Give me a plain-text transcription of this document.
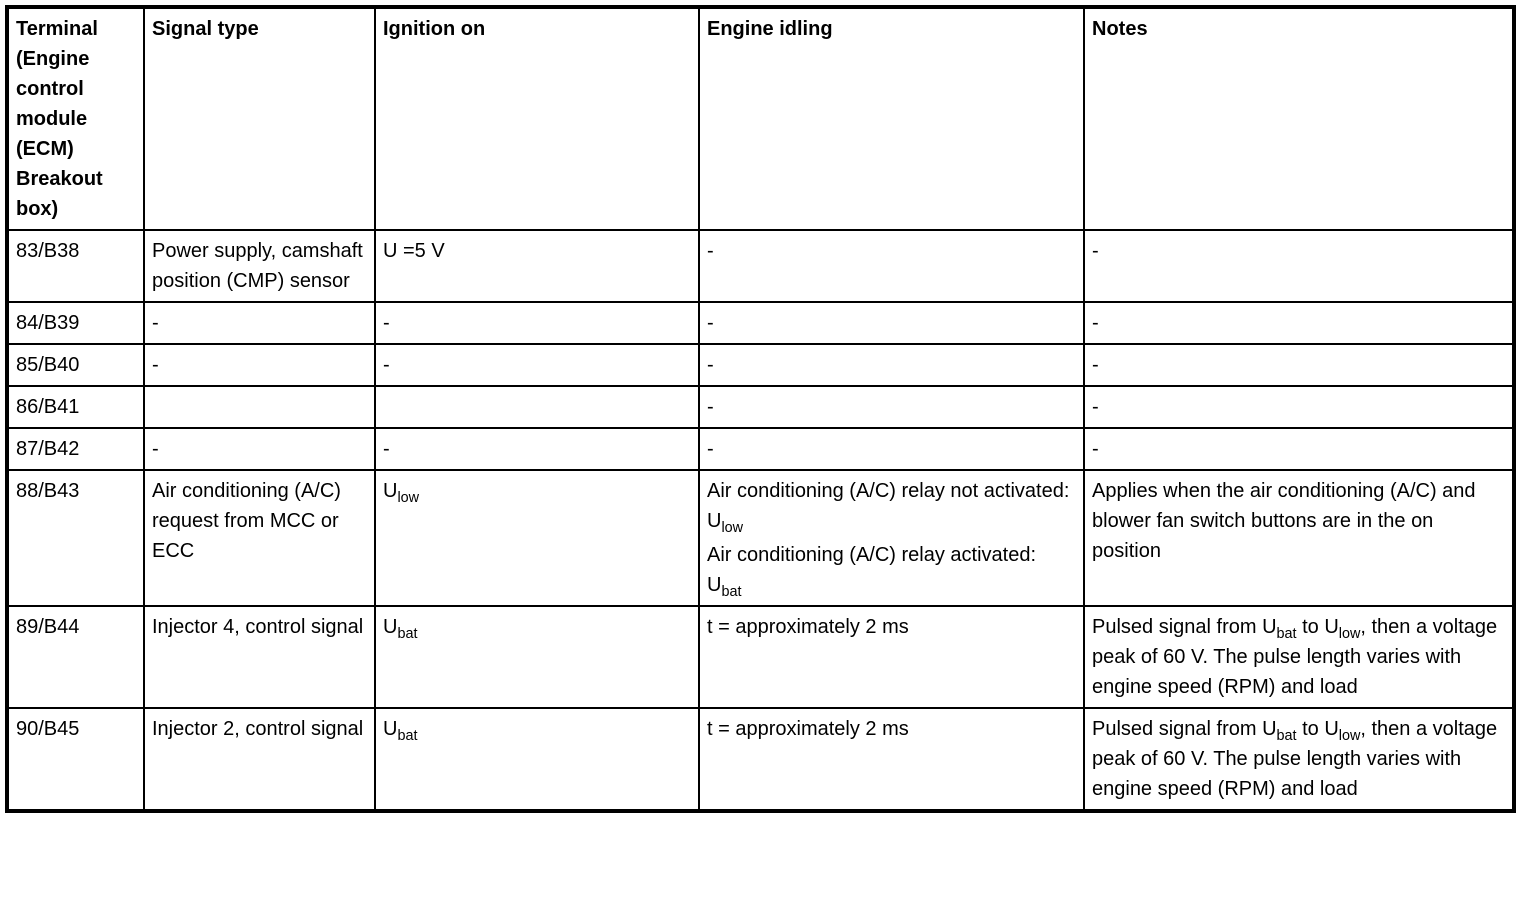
Terminal (Engine control module (ECM) Breakout box)	Signal type	Ignition on	Engine idling	Notes

83/B38	Power supply, camshaft position (CMP) sensor	U =5 V	-	-

84/B39	-	-	-	-

85/B40	-	-	-	-

86/B41			-	-

87/B42	-	-	-	-

88/B43	Air conditioning (A/C) request from MCC or ECC	$U_{low}$	Air conditioning (A/C) relay not activated: $U_{low}$
Air conditioning (A/C) relay activated: $U_{bat}$	Applies when the air conditioning (A/C) and blower fan switch buttons are in the on position

89/B44	Injector 4, control signal	$U_{bat}$	t = approximately 2 ms	Pulsed signal from $U_{bat}$ to $U_{low}$, then a voltage peak of 60 V. The pulse length varies with engine speed (RPM) and load

90/B45	Injector 2, control signal	$U_{bat}$	t = approximately 2 ms	Pulsed signal from $U_{bat}$ to $U_{low}$, then a voltage peak of 60 V. The pulse length varies with engine speed (RPM) and load
